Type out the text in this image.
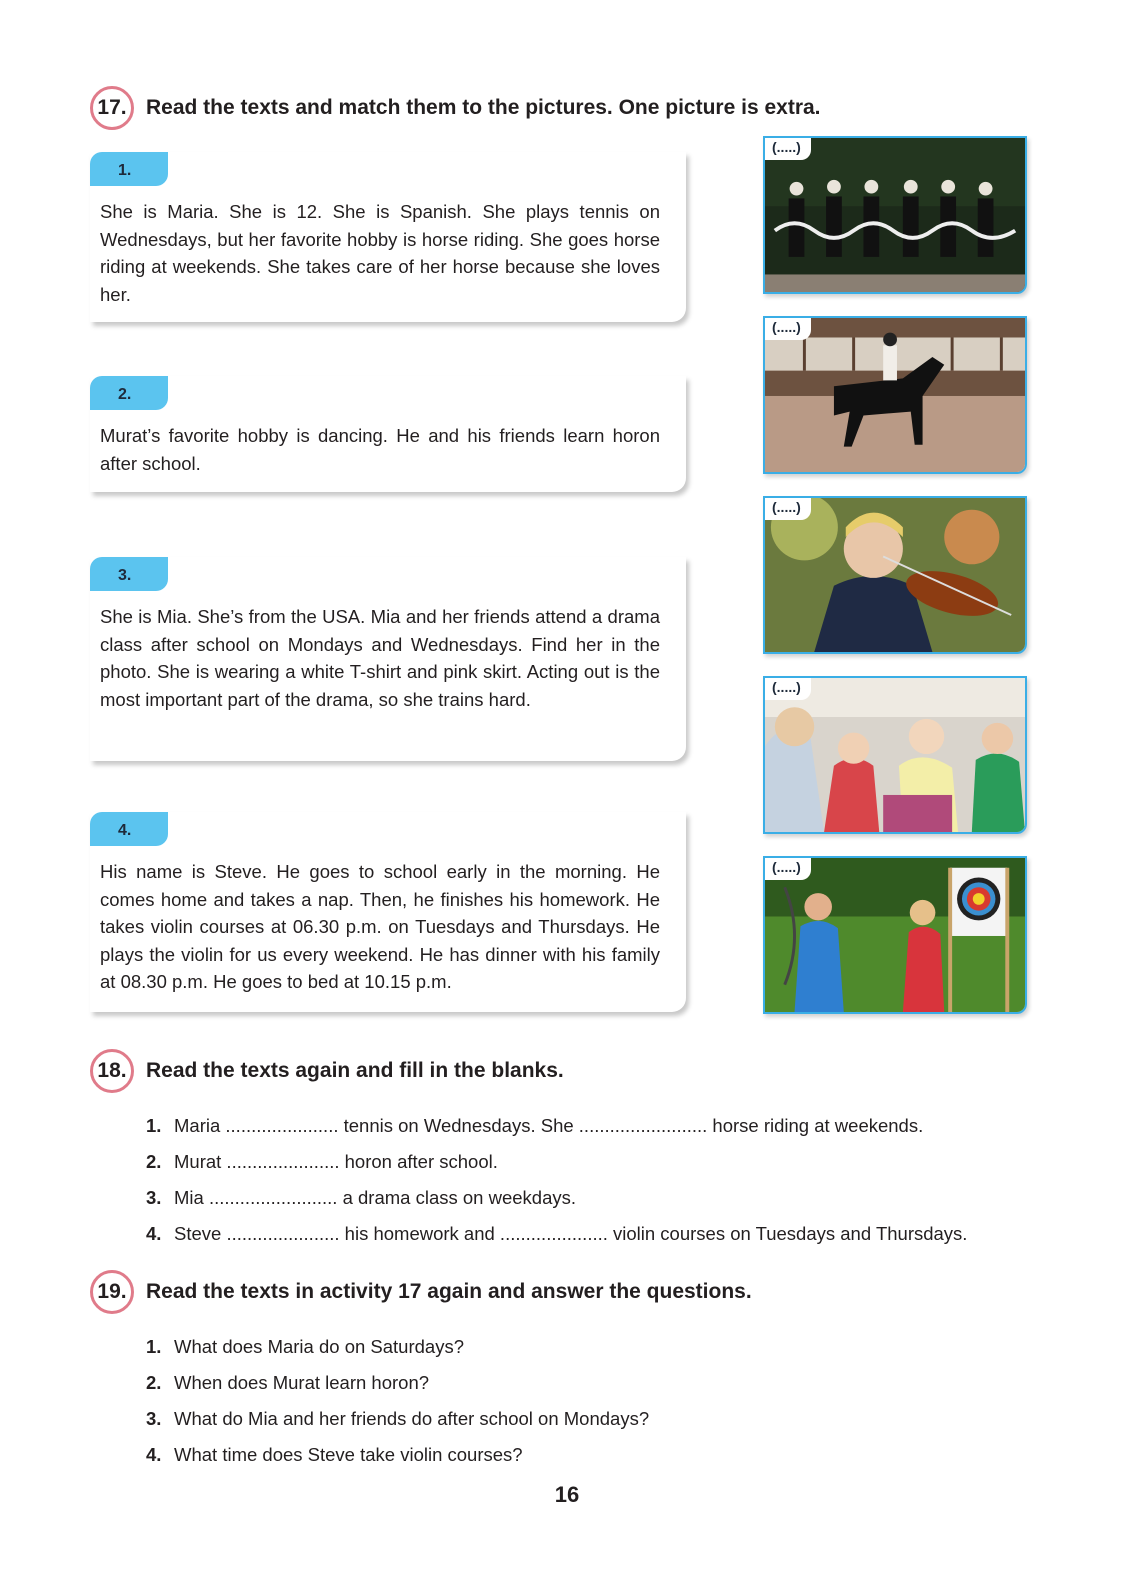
17. Read the texts and match them to the pictures. One picture is extra.
1.
She is Maria. She is 12. She is Spanish. She plays tennis on Wednesdays, but her favorite hobby is horse riding. She goes horse riding at weekends. She takes care of her horse because she loves her.
2.
Murat’s favorite hobby is dancing. He and his friends learn horon after school.
3.
She is Mia. She’s from the USA. Mia and her friends attend a drama class after school on Mondays and Wednesdays. Find her in the photo. She is wearing a white T-shirt and pink skirt. Acting out is the most important part of the drama, so she trains hard.
4.
His name is Steve. He goes to school early in the morning. He comes home and takes a nap. Then, he finishes his homework. He takes violin courses at 06.30 p.m. on Tuesdays and Thursdays. He plays the violin for us every weekend. He has dinner with his family at 08.30 p.m. He goes to bed at 10.15 p.m.
(.....)
(.....)
(.....)
(.....)
(.....)
18. Read the texts again and fill in the blanks.
1. Maria ...................... tennis on Wednesdays. She ......................... horse riding at weekends.
2. Murat ...................... horon after school.
3. Mia ......................... a drama class on weekdays.
4. Steve ...................... his homework and ..................... violin courses on Tuesdays and Thursdays.
19. Read the texts in activity 17 again and answer the questions.
1. What does Maria do on Saturdays?
2. When does Murat learn horon?
3. What do Mia and her friends do after school on Mondays?
4. What time does Steve take violin courses?
16
